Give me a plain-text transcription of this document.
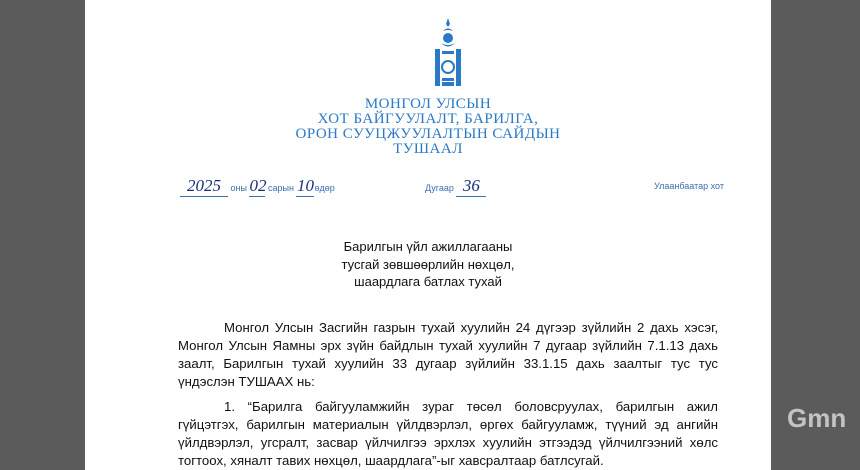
МОНГОЛ УЛСЫН
ХОТ БАЙГУУЛАЛТ, БАРИЛГА,
ОРОН СУУЦЖУУЛАЛТЫН САЙДЫН
ТУШААЛ
2025 оны 02 сарын 10өдөр	Дугаар 36	Улаанбаатар хот
Барилгын үйл ажиллагааны
тусгай зөвшөөрлийн нөхцөл,
шаардлага батлах тухай

Монгол Улсын Засгийн газрын тухай хуулийн 24 дүгээр зүйлийн 2 дахь хэсэг, Монгол Улсын Яамны эрх зүйн байдлын тухай хуулийн 7 дугаар зүйлийн 7.1.13 дахь заалт, Барилгын тухай хуулийн 33 дугаар зүйлийн 33.1.15 дахь заалтыг тус тус үндэслэн ТУШААХ нь:

1. “Барилга байгууламжийн зураг төсөл боловсруулах, барилгын ажил гүйцэтгэх, барилгын материалын үйлдвэрлэл, өргөх байгууламж, түүний эд ангийн үйлдвэрлэл, угсралт, засвар үйлчилгээ эрхлэх хуулийн этгээдэд үйлчилгээний хөлс тогтоох, хяналт тавих нөхцөл, шаардлага”-ыг хавсралтаар батлсугай.

Gmn
